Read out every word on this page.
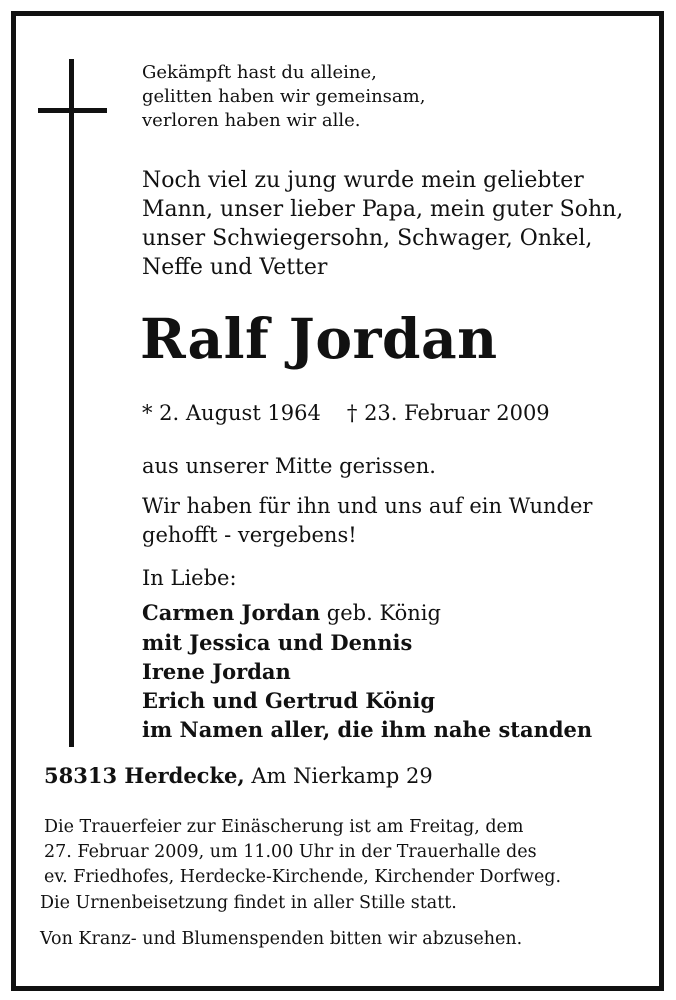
Gekämpft hast du alleine,
gelitten haben wir gemeinsam,
verloren haben wir alle.
Noch viel zu jung wurde mein geliebter
Mann, unser lieber Papa, mein guter Sohn,
unser Schwiegersohn, Schwager, Onkel,
Neffe und Vetter
Ralf Jordan
* 2. August 1964 † 23. Februar 2009
aus unserer Mitte gerissen.
Wir haben für ihn und uns auf ein Wunder
gehofft - vergebens!
In Liebe:
Carmen Jordan geb. König
mit Jessica und Dennis
Irene Jordan
Erich und Gertrud König
im Namen aller, die ihm nahe standen
58313 Herdecke, Am Nierkamp 29
Die Trauerfeier zur Einäscherung ist am Freitag, dem
27. Februar 2009, um 11.00 Uhr in der Trauerhalle des
ev. Friedhofes, Herdecke-Kirchende, Kirchender Dorfweg.
Die Urnenbeisetzung findet in aller Stille statt.
Von Kranz- und Blumenspenden bitten wir abzusehen.
